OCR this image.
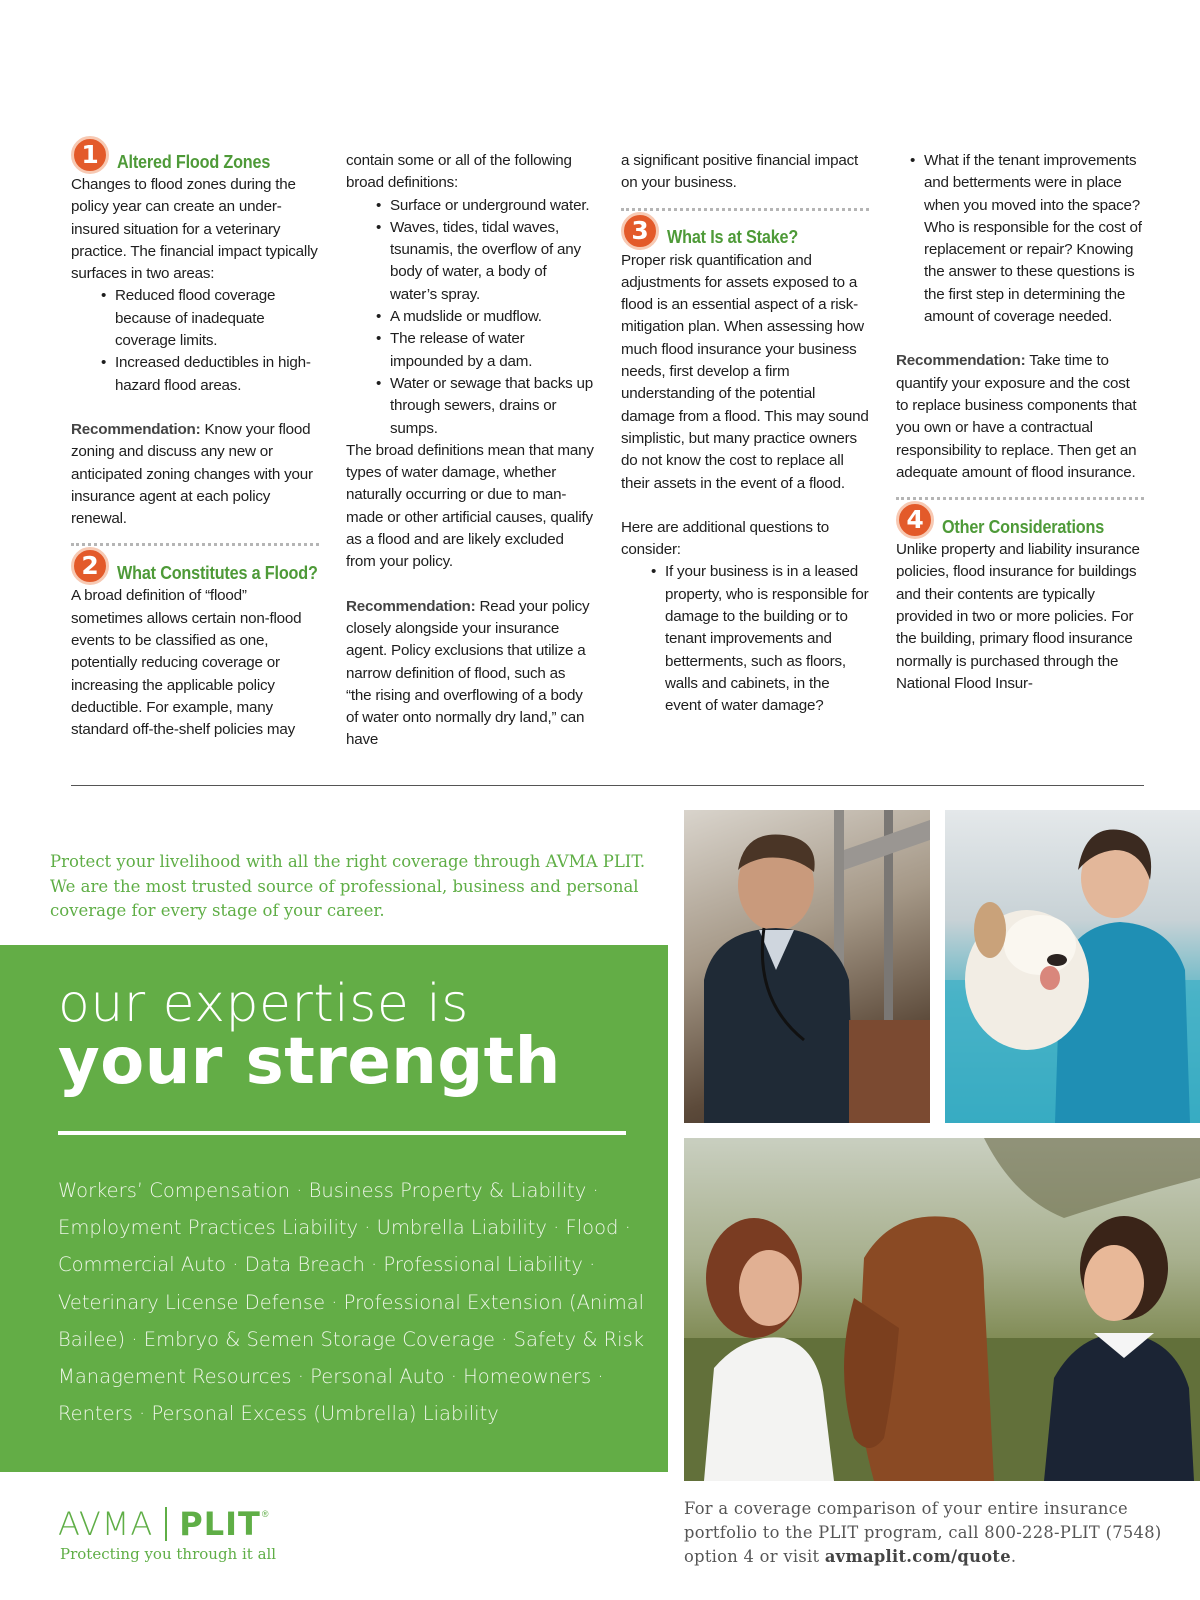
1	Altered Flood Zones

Changes to flood zones during the policy year can create an under-insured situation for a veterinary practice. The financial impact typically surfaces in two areas:

• Reduced flood coverage because of inadequate coverage limits.
• Increased deductibles in high-hazard flood areas.

Recommendation: Know your flood zoning and discuss any new or anticipated zoning changes with your insurance agent at each policy renewal.

2	What Constitutes a Flood?

A broad definition of “flood” sometimes allows certain non-flood events to be classified as one, potentially reducing coverage or increasing the applicable policy deductible. For example, many standard off-the-shelf policies may

contain some or all of the following broad definitions:

• Surface or underground water.
• Waves, tides, tidal waves, tsunamis, the overflow of any body of water, a body of water’s spray.
• A mudslide or mudflow.
• The release of water impounded by a dam.
• Water or sewage that backs up through sewers, drains or sumps.

The broad definitions mean that many types of water damage, whether naturally occurring or due to man-made or other artificial causes, qualify as a flood and are likely excluded from your policy.

Recommendation: Read your policy closely alongside your insurance agent. Policy exclusions that utilize a narrow definition of flood, such as “the rising and overflowing of a body of water onto normally dry land,” can have

a significant positive financial impact on your business.

3	What Is at Stake?

Proper risk quantification and adjustments for assets exposed to a flood is an essential aspect of a risk-mitigation plan. When assessing how much flood insurance your business needs, first develop a firm understanding of the potential damage from a flood. This may sound simplistic, but many practice owners do not know the cost to replace all their assets in the event of a flood.

Here are additional questions to consider:

• If your business is in a leased property, who is responsible for damage to the building or to tenant improvements and betterments, such as floors, walls and cabinets, in the event of water damage?
• What if the tenant improvements and betterments were in place when you moved into the space? Who is responsible for the cost of replacement or repair? Knowing the answer to these questions is the first step in determining the amount of coverage needed.

Recommendation: Take time to quantify your exposure and the cost to replace business components that you own or have a contractual responsibility to replace. Then get an adequate amount of flood insurance.

4	Other Considerations

Unlike property and liability insurance policies, flood insurance for buildings and their contents are typically provided in two or more policies. For the building, primary flood insurance normally is purchased through the National Flood Insur-

Protect your livelihood with all the right coverage through AVMA PLIT. We are the most trusted source of professional, business and personal coverage for every stage of your career.

our expertise is
your strength

Workers’ Compensation · Business Property & Liability · Employment Practices Liability · Umbrella Liability · Flood · Commercial Auto · Data Breach · Professional Liability · Veterinary License Defense · Professional Extension (Animal Bailee) · Embryo & Semen Storage Coverage · Safety & Risk Management Resources · Personal Auto · Homeowners · Renters · Personal Excess (Umbrella) Liability

AVMA PLIT ®
Protecting you through it all

For a coverage comparison of your entire insurance portfolio to the PLIT program, call 800-228-PLIT (7548) option 4 or visit avmaplit.com/quote.
